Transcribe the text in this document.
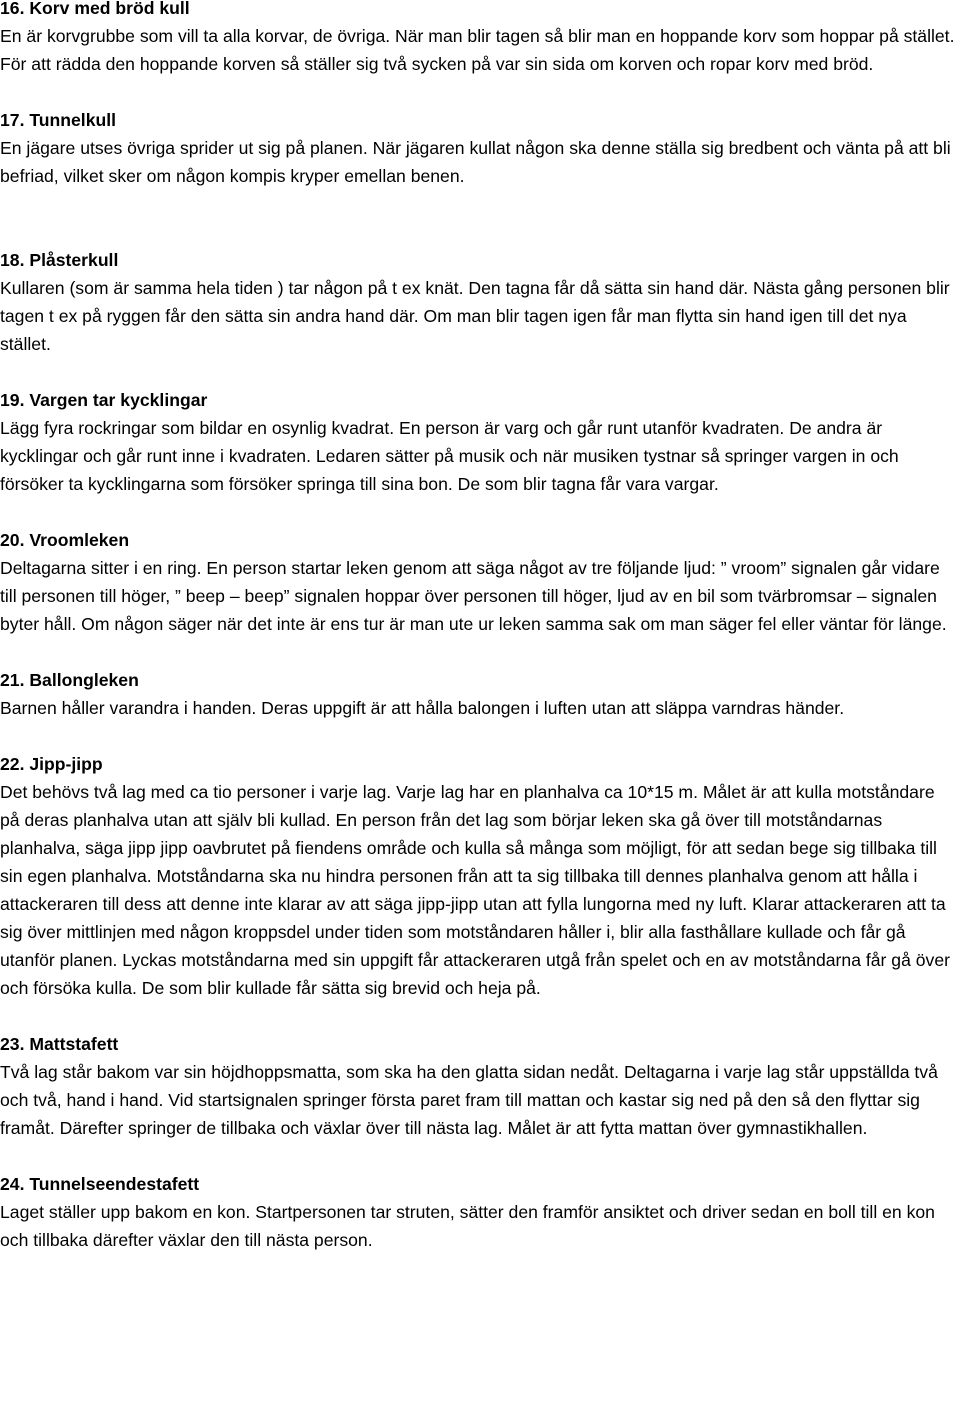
16. Korv med bröd kull
En är korvgrubbe som vill ta alla korvar, de övriga. När man blir tagen så blir man en hoppande korv som hoppar på stället. För att rädda den hoppande korven så ställer sig två sycken på var sin sida om korven och ropar korv med bröd.
17. Tunnelkull
En jägare utses övriga sprider ut sig på planen. När jägaren kullat någon ska denne ställa sig bredbent och vänta på att bli befriad, vilket sker om någon kompis kryper emellan benen.
18. Plåsterkull
Kullaren (som är samma hela tiden ) tar någon på t ex knät. Den tagna får då sätta sin hand där. Nästa gång personen blir tagen t ex på ryggen får den sätta sin andra hand där. Om man blir tagen igen får man flytta sin hand igen till det nya stället.
19. Vargen tar kycklingar
Lägg fyra rockringar som bildar en osynlig kvadrat. En person är varg och går runt utanför kvadraten. De andra är kycklingar och går runt inne i kvadraten. Ledaren sätter på musik och när musiken tystnar så springer vargen in och försöker ta kycklingarna som försöker springa till sina bon. De som blir tagna får vara vargar.
20. Vroomleken
Deltagarna sitter i en ring. En person startar leken genom att säga något av tre följande ljud: ” vroom” signalen går vidare till personen till höger, ” beep – beep” signalen hoppar över personen till höger, ljud av en bil som tvärbromsar – signalen byter håll. Om någon säger när det inte är ens tur är man ute ur leken samma sak om man säger fel eller väntar för länge.
21. Ballongleken
Barnen håller varandra i handen. Deras uppgift är att hålla balongen i luften utan att släppa varndras händer.
22. Jipp-jipp
Det behövs två lag med ca tio personer i varje lag. Varje lag har en planhalva ca 10*15 m. Målet är att kulla motståndare på deras planhalva utan att själv bli kullad. En person från det lag som börjar leken ska gå över till motståndarnas planhalva, säga jipp jipp oavbrutet på fiendens område och kulla så många som möjligt, för att sedan bege sig tillbaka till sin egen planhalva. Motståndarna ska nu hindra personen från att ta sig tillbaka till dennes planhalva genom att hålla i attackeraren till dess att denne inte klarar av att säga jipp-jipp utan att fylla lungorna med ny luft. Klarar attackeraren att ta sig över mittlinjen med någon kroppsdel under tiden som motståndaren håller i, blir alla fasthållare kullade och får gå utanför planen. Lyckas motståndarna med sin uppgift får attackeraren utgå från spelet och en av motståndarna får gå över och försöka kulla. De som blir kullade får sätta sig brevid och heja på.
23. Mattstafett
Två lag står bakom var sin höjdhoppsmatta, som ska ha den glatta sidan nedåt. Deltagarna i varje lag står uppställda två och två, hand i hand. Vid startsignalen springer första paret fram till mattan och kastar sig ned på den så den flyttar sig framåt. Därefter springer de tillbaka och växlar över till nästa lag. Målet är att fytta mattan över gymnastikhallen.
24. Tunnelseendestafett
Laget ställer upp bakom en kon. Startpersonen tar struten, sätter den framför ansiktet och driver sedan en boll till en kon och tillbaka därefter växlar den till nästa person.
